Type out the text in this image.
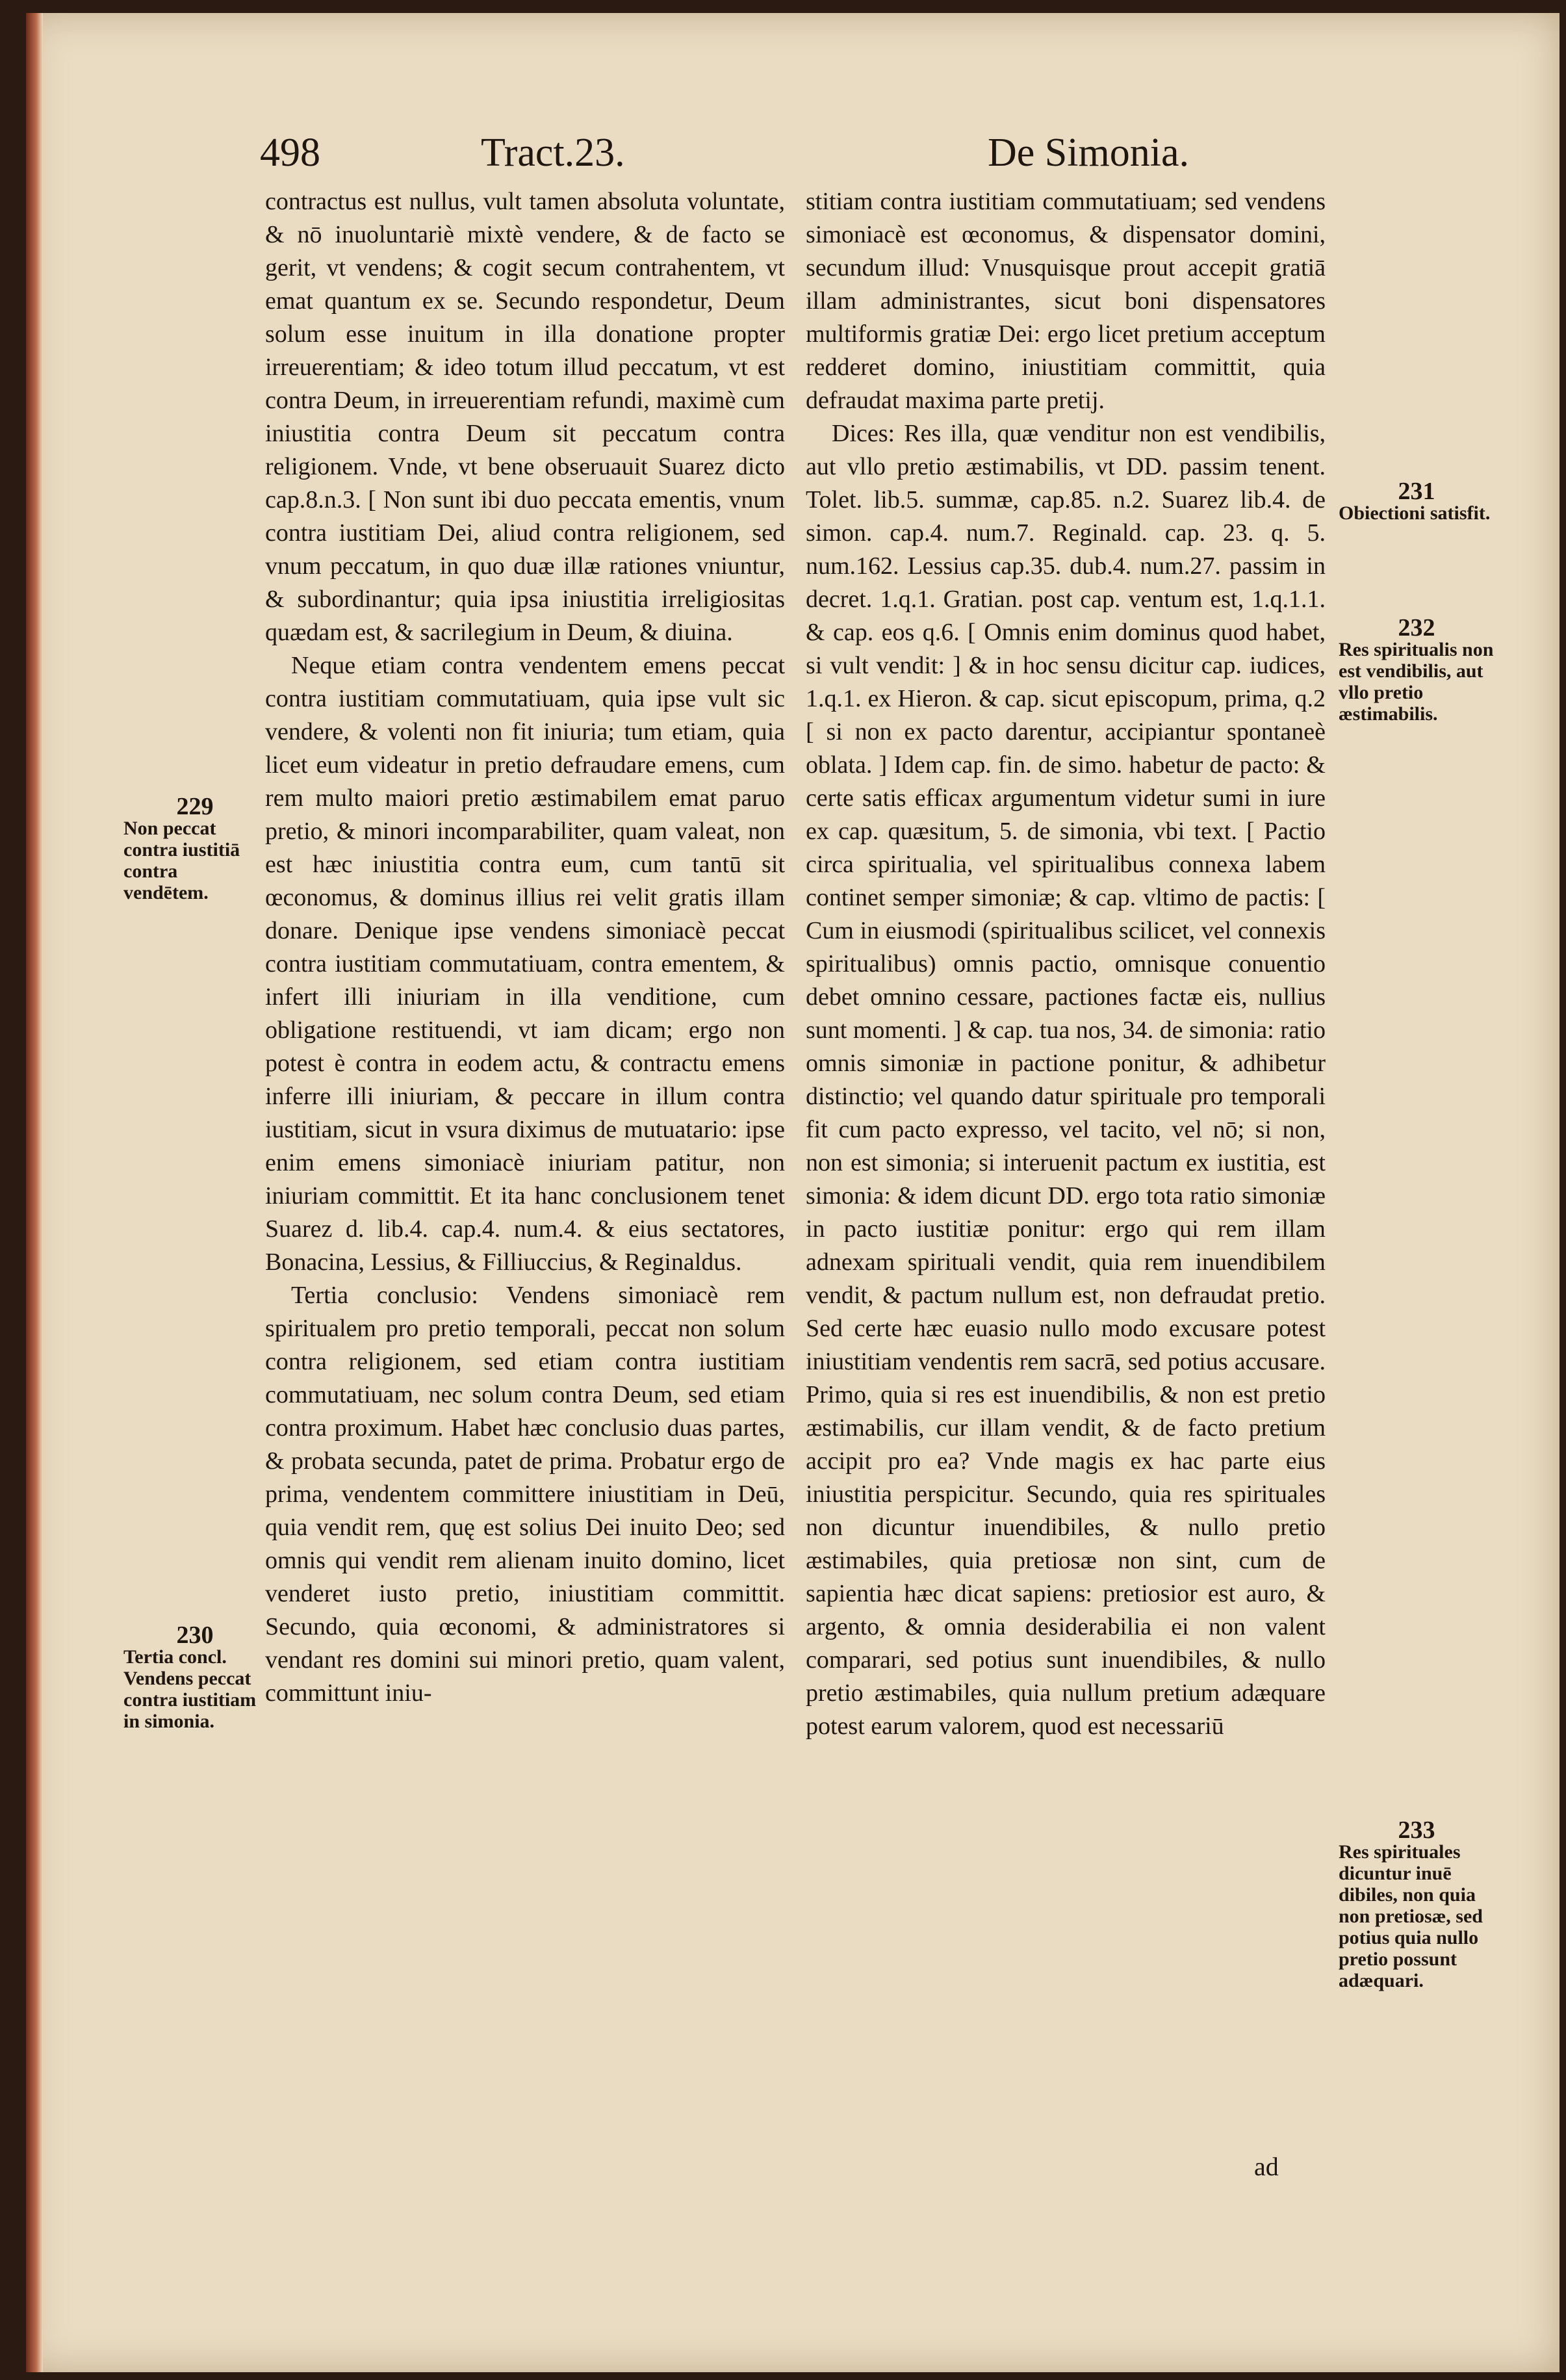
498	Tract.23.	De Simonia.

contractus est nullus, vult tamen absoluta voluntate, & nō inuoluntariè mixtè vendere, & de facto se gerit, vt vendens; & cogit secum contrahentem, vt emat quantum ex se. Secundo respondetur, Deum solum esse inuitum in illa donatione propter irreuerentiam; & ideo totum illud peccatum, vt est contra Deum, in irreuerentiam refundi, maximè cum iniustitia contra Deum sit peccatum contra religionem. Vnde, vt bene obseruauit Suarez dicto cap.8.n.3. [ Non sunt ibi duo peccata ementis, vnum contra iustitiam Dei, aliud contra religionem, sed vnum peccatum, in quo duæ illæ rationes vniuntur, & subordinantur; quia ipsa iniustitia irreligiositas quædam est, & sacrilegium in Deum, & diuina.

Neque etiam contra vendentem emens peccat contra iustitiam commutatiuam, quia ipse vult sic vendere, & volenti non fit iniuria; tum etiam, quia licet eum videatur in pretio defraudare emens, cum rem multo maiori pretio æstimabilem emat paruo pretio, & minori incomparabiliter, quam valeat, non est hæc iniustitia contra eum, cum tantū sit œconomus, & dominus illius rei velit gratis illam donare. Denique ipse vendens simoniacè peccat contra iustitiam commutatiuam, contra ementem, & infert illi iniuriam in illa venditione, cum obligatione restituendi, vt iam dicam; ergo non potest è contra in eodem actu, & contractu emens inferre illi iniuriam, & peccare in illum contra iustitiam, sicut in vsura diximus de mutuatario: ipse enim emens simoniacè iniuriam patitur, non iniuriam committit. Et ita hanc conclusionem tenet Suarez d. lib.4. cap.4. num.4. & eius sectatores, Bonacina, Lessius, & Filliuccius, & Reginaldus.

Tertia conclusio: Vendens simoniacè rem spiritualem pro pretio temporali, peccat non solum contra religionem, sed etiam contra iustitiam commutatiuam, nec solum contra Deum, sed etiam contra proximum. Habet hæc conclusio duas partes, & probata secunda, patet de prima. Probatur ergo de prima, vendentem committere iniustitiam in Deū, quia vendit rem, quę est solius Dei inuito Deo; sed omnis qui vendit rem alienam inuito domino, licet venderet iusto pretio, iniustitiam committit. Secundo, quia œconomi, & administratores si vendant res domini sui minori pretio, quam valent, committunt iniu-

stitiam contra iustitiam commutatiuam; sed vendens simoniacè est œconomus, & dispensator domini, secundum illud: Vnusquisque prout accepit gratiā illam administrantes, sicut boni dispensatores multiformis gratiæ Dei: ergo licet pretium acceptum redderet domino, iniustitiam committit, quia defraudat maxima parte pretij.

Dices: Res illa, quæ venditur non est vendibilis, aut vllo pretio æstimabilis, vt DD. passim tenent. Tolet. lib.5. summæ, cap.85. n.2. Suarez lib.4. de simon. cap.4. num.7. Reginald. cap. 23. q. 5. num.162. Lessius cap.35. dub.4. num.27. passim in decret. 1.q.1. Gratian. post cap. ventum est, 1.q.1.1. & cap. eos q.6. [ Omnis enim dominus quod habet, si vult vendit: ] & in hoc sensu dicitur cap. iudices, 1.q.1. ex Hieron. & cap. sicut episcopum, prima, q.2 [ si non ex pacto darentur, accipiantur spontaneè oblata. ] Idem cap. fin. de simo. habetur de pacto: & certe satis efficax argumentum videtur sumi in iure ex cap. quæsitum, 5. de simonia, vbi text. [ Pactio circa spiritualia, vel spiritualibus connexa labem continet semper simoniæ; & cap. vltimo de pactis: [ Cum in eiusmodi (spiritualibus scilicet, vel connexis spiritualibus) omnis pactio, omnisque conuentio debet omnino cessare, pactiones factæ eis, nullius sunt momenti. ] & cap. tua nos, 34. de simonia: ratio omnis simoniæ in pactione ponitur, & adhibetur distinctio; vel quando datur spirituale pro temporali fit cum pacto expresso, vel tacito, vel nō; si non, non est simonia; si interuenit pactum ex iustitia, est simonia: & idem dicunt DD. ergo tota ratio simoniæ in pacto iustitiæ ponitur: ergo qui rem illam adnexam spirituali vendit, quia rem inuendibilem vendit, & pactum nullum est, non defraudat pretio. Sed certe hæc euasio nullo modo excusare potest iniustitiam vendentis rem sacrā, sed potius accusare. Primo, quia si res est inuendibilis, & non est pretio æstimabilis, cur illam vendit, & de facto pretium accipit pro ea? Vnde magis ex hac parte eius iniustitia perspicitur. Secundo, quia res spirituales non dicuntur inuendibiles, & nullo pretio æstimabiles, quia pretiosæ non sint, cum de sapientia hæc dicat sapiens: pretiosior est auro, & argento, & omnia desiderabilia ei non valent comparari, sed potius sunt inuendibiles, & nullo pretio æstimabiles, quia nullum pretium adæquare potest earum valorem, quod est necessariū

229
Non peccat contra iustitiā contra vendētem.
230
Tertia concl. Vendens peccat contra iustitiam in simonia.
231
Obiectioni satisfit.
232
Res spiritualis non est vendibilis, aut vllo pretio æstimabilis.
233
Res spirituales dicuntur inuē dibiles, non quia non pretiosæ, sed potius quia nullo pretio possunt adæquari.
ad
